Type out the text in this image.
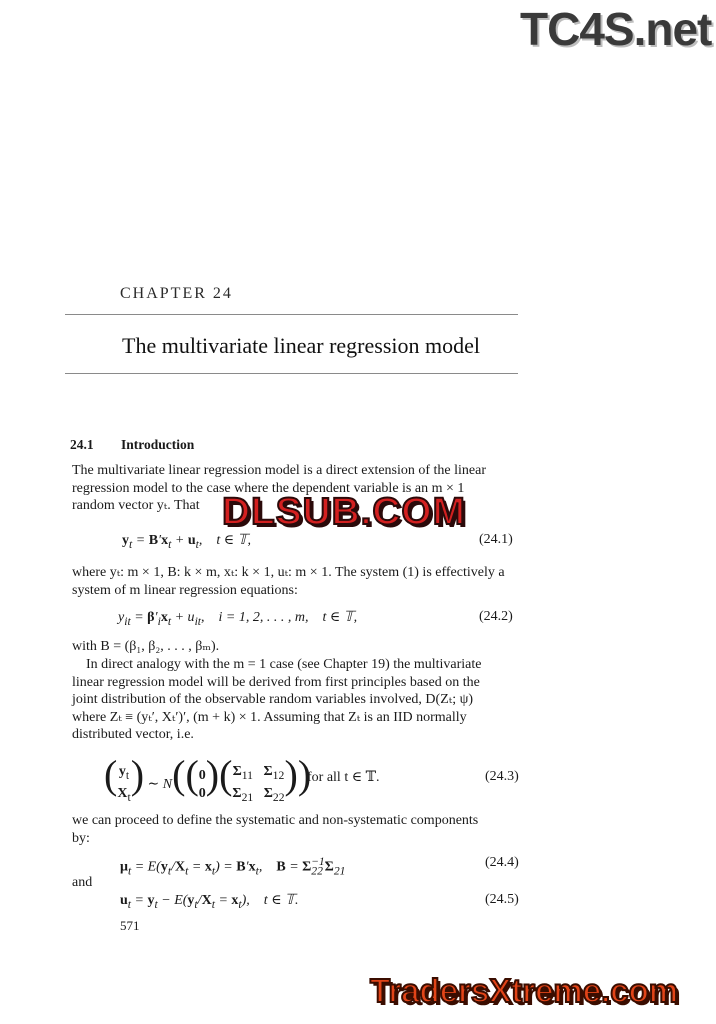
TC4S.net
CHAPTER 24
The multivariate linear regression model
24.1 Introduction
The multivariate linear regression model is a direct extension of the linear
regression model to the case where the dependent variable is an m × 1
random vector yₜ. That DLSUB.COM
$y_t = B'x_t + u_t$,    t ∈ 𝕋,	(24.1)
where yₜ: m × 1, B: k × m, xₜ: k × 1, uₜ: m × 1. The system (1) is effectively a
system of m linear regression equations:
$y_{it} = \beta'_ix_t + u_{it}$,    i = 1, 2, . . . , m,    t ∈ 𝕋,	(24.2)
with B = (β₁, β₂, . . . , βₘ).
In direct analogy with the m = 1 case (see Chapter 19) the multivariate
linear regression model will be derived from first principles based on the
joint distribution of the observable random variables involved, D(Zₜ; ψ)
where Zₜ ≡ (yₜ′, Xₜ′)′, (m + k) × 1. Assuming that Zₜ is an IID normally
distributed vector, i.e.
( $y_t$
$X_t$) ∼ N((0
$0)(\Sigma_{11}$ $\Sigma_{12}$
$\Sigma_{21}$ $\Sigma_{22}$))
for all t ∈ 𝕋.	(24.3)
we can proceed to define the systematic and non-systematic components
by:
$\mu_t = E(y_t/X_t = x_t) = B'x_t$,    $B = \Sigma_{22}^{-1}\Sigma_{21}$
(24.4)
and
$u_t = y_t - E(y_t/X_t = x_t)$,    t ∈ 𝕋.	(24.5)
571
TradersXtreme.com
